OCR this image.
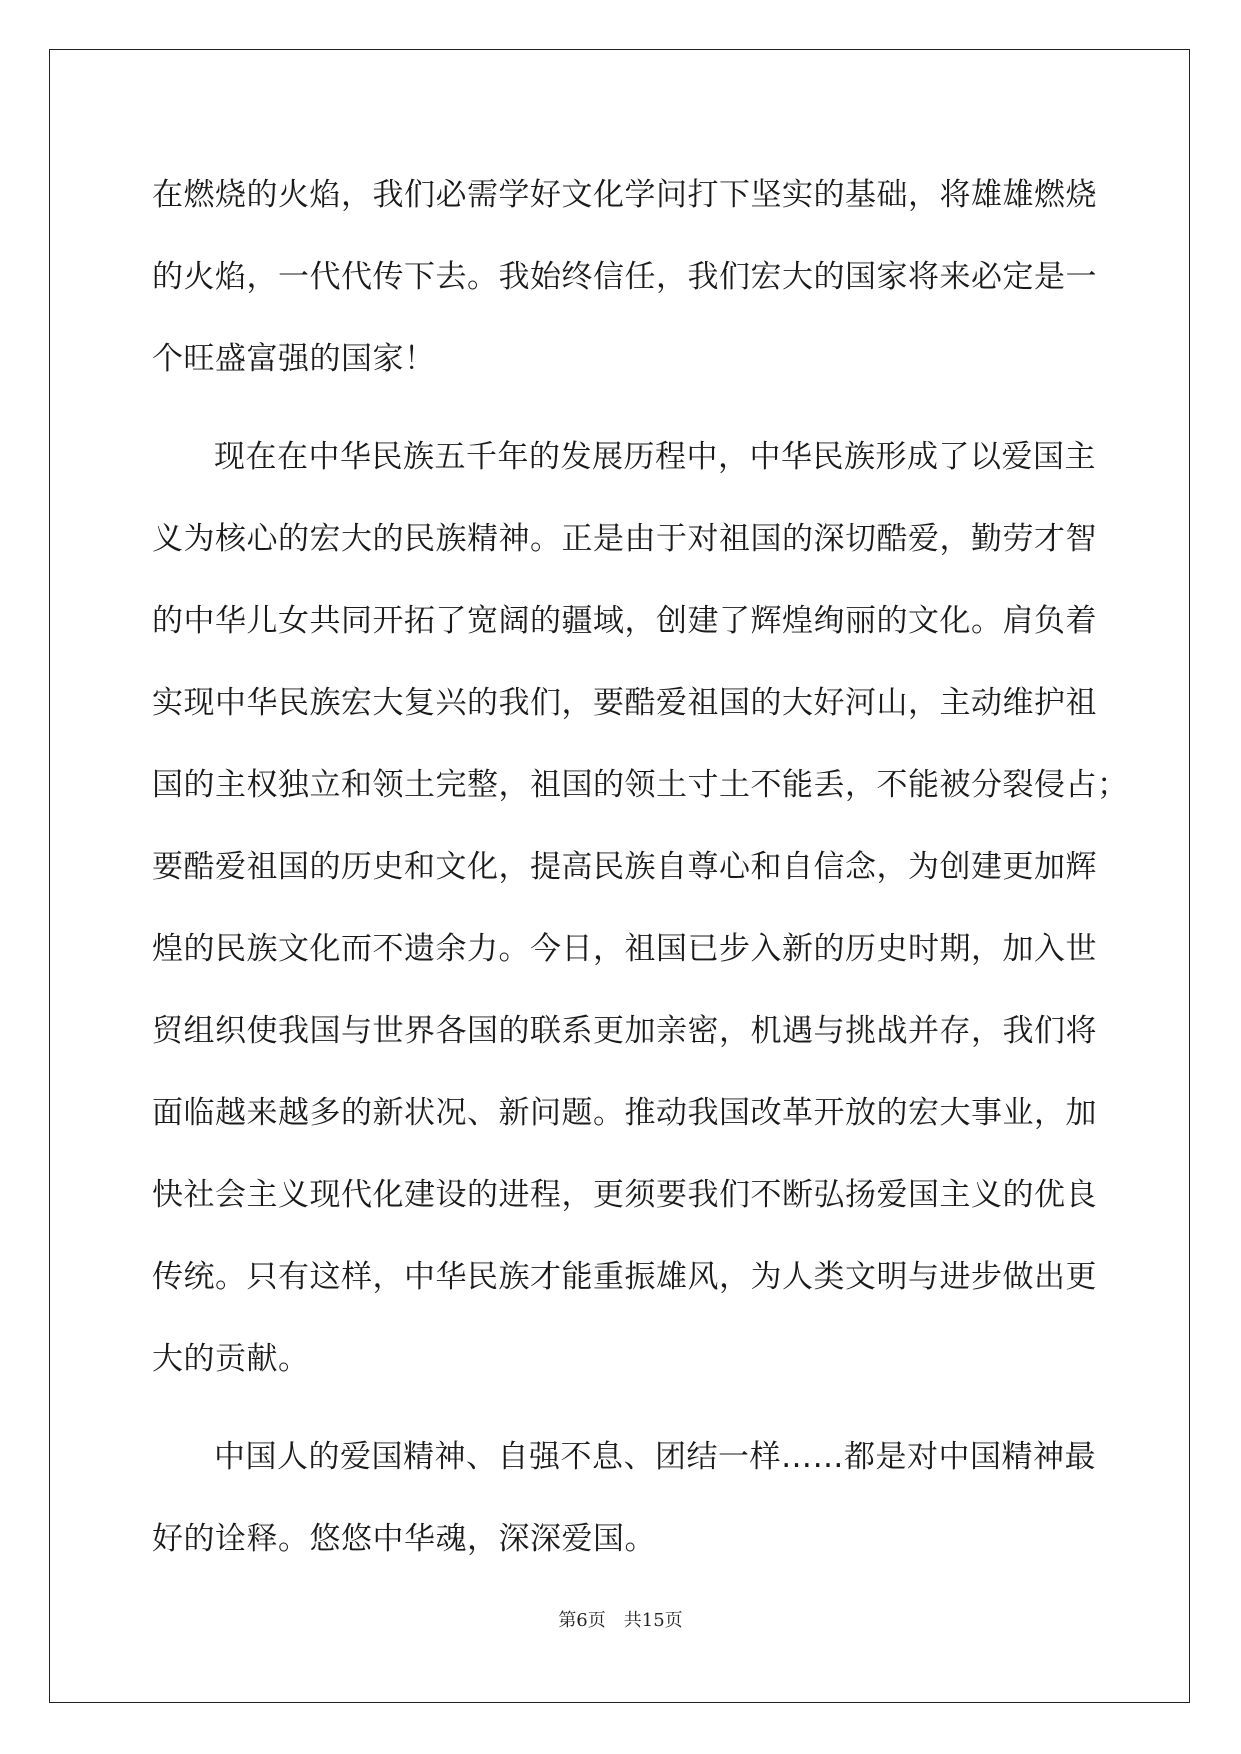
在燃烧的火焰，我们必需学好文化学问打下坚实的基础，将雄雄燃烧
的火焰，一代代传下去。我始终信任，我们宏大的国家将来必定是一
个旺盛富强的国家！
现在在中华民族五千年的发展历程中，中华民族形成了以爱国主
义为核心的宏大的民族精神。正是由于对祖国的深切酷爱，勤劳才智
的中华儿女共同开拓了宽阔的疆域，创建了辉煌绚丽的文化。肩负着
实现中华民族宏大复兴的我们，要酷爱祖国的大好河山，主动维护祖
国的主权独立和领土完整，祖国的领土寸土不能丢，不能被分裂侵占；
要酷爱祖国的历史和文化，提高民族自尊心和自信念，为创建更加辉
煌的民族文化而不遗余力。今日，祖国已步入新的历史时期，加入世
贸组织使我国与世界各国的联系更加亲密，机遇与挑战并存，我们将
面临越来越多的新状况、新问题。推动我国改革开放的宏大事业，加
快社会主义现代化建设的进程，更须要我们不断弘扬爱国主义的优良
传统。只有这样，中华民族才能重振雄风，为人类文明与进步做出更
大的贡献。
中国人的爱国精神、自强不息、团结一样……都是对中国精神最
好的诠释。悠悠中华魂，深深爱国。
第6页 共15页
